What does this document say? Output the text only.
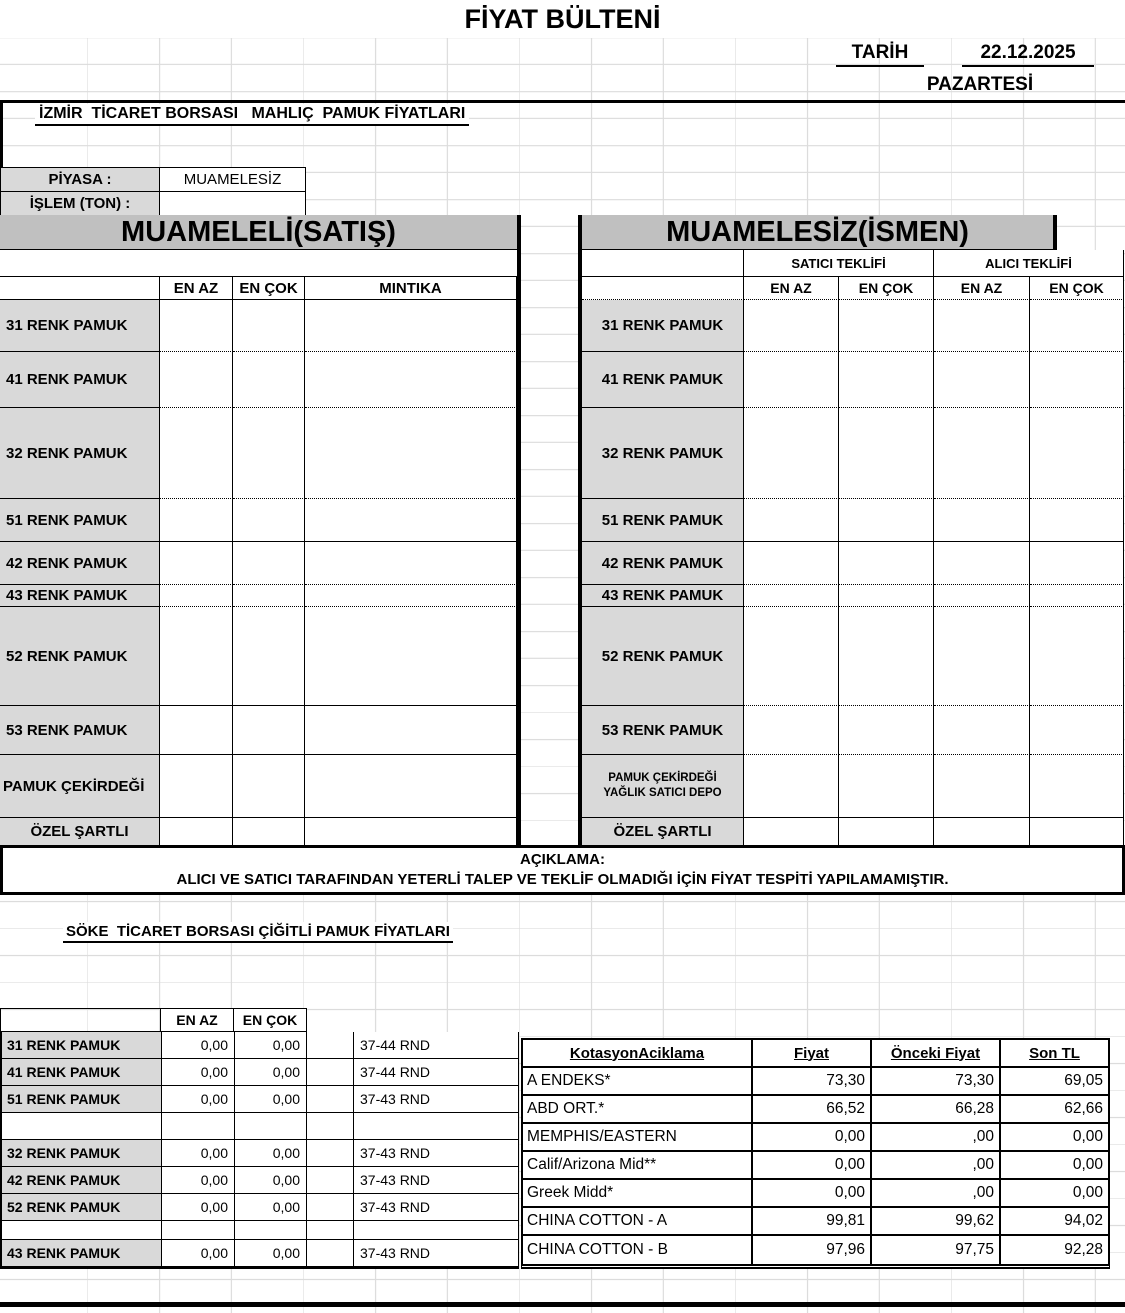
FİYAT BÜLTENİ
TARİH	22.12.2025
PAZARTESİ
İZMİR  TİCARET BORSASI   MAHLIÇ  PAMUK FİYATLARI
PİYASA :	MUAMELESİZ
İŞLEM (TON) :
MUAMELELİ(SATIŞ)
EN AZ	EN ÇOK	MINTIKA
31 RENK PAMUK
41 RENK PAMUK
32 RENK PAMUK
51 RENK PAMUK
42 RENK PAMUK
43 RENK PAMUK
52 RENK PAMUK
53 RENK PAMUK
PAMUK ÇEKİRDEĞİ
ÖZEL ŞARTLI
MUAMELESİZ(İSMEN)
SATICI TEKLİFİ	ALICI TEKLİFİ
EN AZ	EN ÇOK	EN AZ	EN ÇOK
31 RENK PAMUK
41 RENK PAMUK
32 RENK PAMUK
51 RENK PAMUK
42 RENK PAMUK
43 RENK PAMUK
52 RENK PAMUK
53 RENK PAMUK
PAMUK ÇEKİRDEĞİ
YAĞLIK SATICI DEPO
ÖZEL ŞARTLI
AÇIKLAMA:
ALICI VE SATICI TARAFINDAN YETERLİ TALEP VE TEKLİF OLMADIĞI İÇİN FİYAT TESPİTİ YAPILAMAMIŞTIR.
SÖKE  TİCARET BORSASI ÇİĞİTLİ PAMUK FİYATLARI
EN AZ	EN ÇOK
31 RENK PAMUK	0,00	0,00	37-44 RND
41 RENK PAMUK	0,00	0,00	37-44 RND
51 RENK PAMUK	0,00	0,00	37-43 RND
32 RENK PAMUK	0,00	0,00	37-43 RND
42 RENK PAMUK	0,00	0,00	37-43 RND
52 RENK PAMUK	0,00	0,00	37-43 RND
43 RENK PAMUK	0,00	0,00	37-43 RND
KotasyonAciklama	Fiyat	Önceki Fiyat	Son TL
A ENDEKS*	73,30	73,30	69,05
ABD ORT.*	66,52	66,28	62,66
MEMPHIS/EASTERN	0,00	,00	0,00
Calif/Arizona Mid**	0,00	,00	0,00
Greek Midd*	0,00	,00	0,00
CHINA COTTON - A	99,81	99,62	94,02
CHINA COTTON - B	97,96	97,75	92,28
